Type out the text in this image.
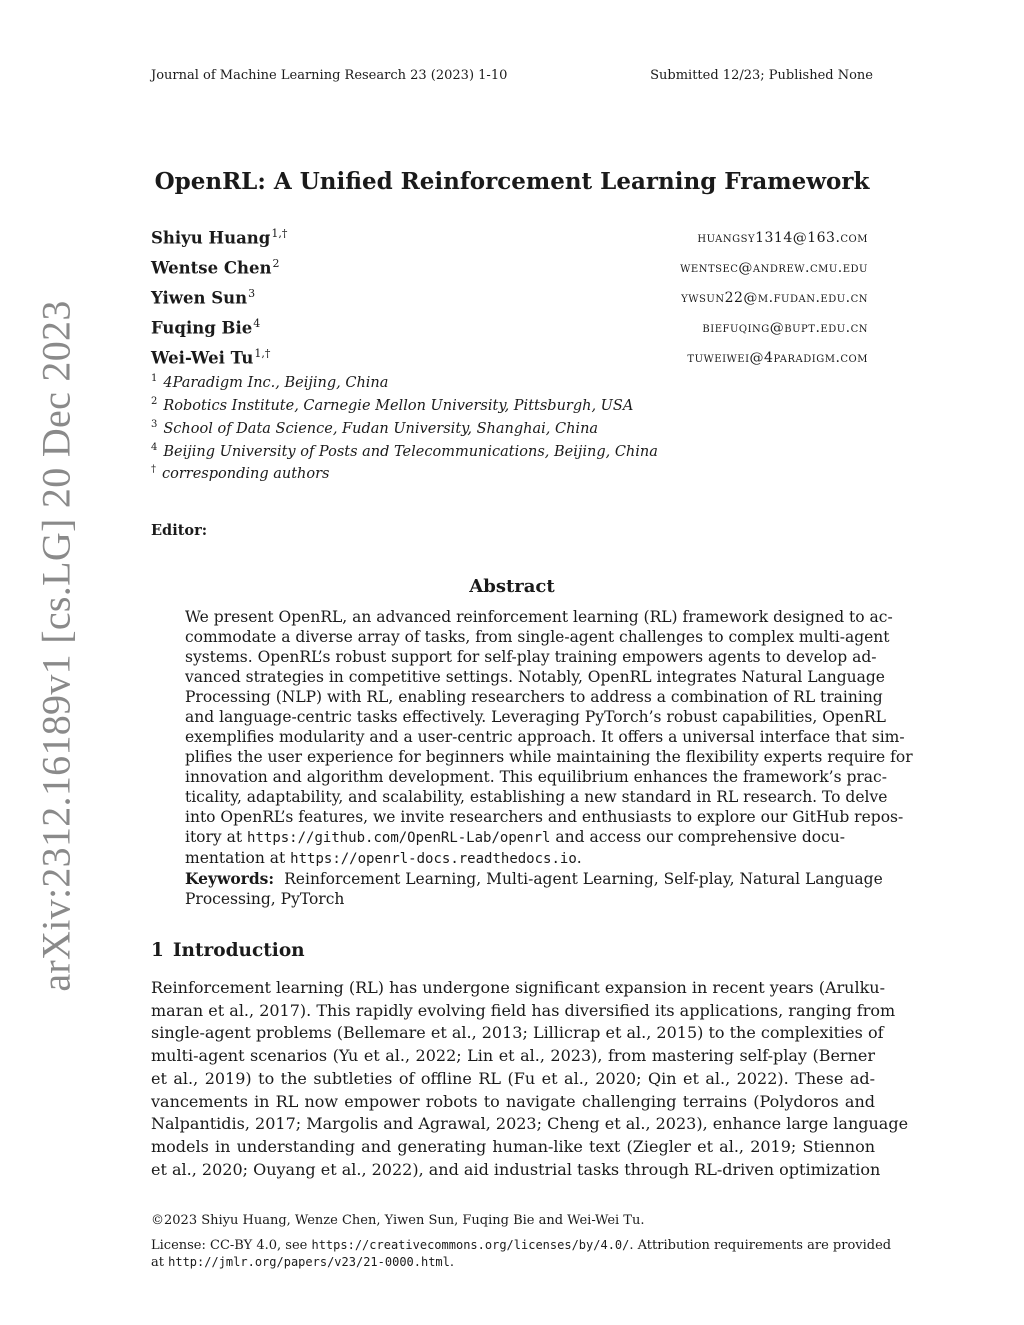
Journal of Machine Learning Research 23 (2023) 1-10	Submitted 12/23; Published None
arXiv:2312.16189v1 [cs.LG] 20 Dec 2023
OpenRL: A Unified Reinforcement Learning Framework
Shiyu Huang$^{1,\dagger}$	huangsy1314@163.com
Wentse Chen$^2$	wentsec@andrew.cmu.edu
Yiwen Sun$^3$	ywsun22@m.fudan.edu.cn
Fuqing Bie$^4$	biefuqing@bupt.edu.cn
Wei-Wei $Tu^{1,\dagger}$	tuweiwei@4paradigm.com
$^1$ 4Paradigm Inc., Beijing, China
$^2$ Robotics Institute, Carnegie Mellon University, Pittsburgh, USA
$^3$ School of Data Science, Fudan University, Shanghai, China
$^4$ Beijing University of Posts and Telecommunications, Beijing, China
† corresponding authors
Editor:
Abstract
We present OpenRL, an advanced reinforcement learning (RL) framework designed to ac-
commodate a diverse array of tasks, from single-agent challenges to complex multi-agent
systems. OpenRL’s robust support for self-play training empowers agents to develop ad-
vanced strategies in competitive settings. Notably, OpenRL integrates Natural Language
Processing (NLP) with RL, enabling researchers to address a combination of RL training
and language-centric tasks effectively. Leveraging PyTorch’s robust capabilities, OpenRL
exemplifies modularity and a user-centric approach. It offers a universal interface that sim-
plifies the user experience for beginners while maintaining the flexibility experts require for
innovation and algorithm development. This equilibrium enhances the framework’s prac-
ticality, adaptability, and scalability, establishing a new standard in RL research. To delve
into OpenRL’s features, we invite researchers and enthusiasts to explore our GitHub repos-
itory at https://github.com/OpenRL-Lab/openrl and access our comprehensive docu-
mentation at https://openrl-docs.readthedocs.io.
Keywords: Reinforcement Learning, Multi-agent Learning, Self-play, Natural Language
Processing, PyTorch
1 Introduction
Reinforcement learning (RL) has undergone significant expansion in recent years (Arulku-
maran et al., 2017). This rapidly evolving field has diversified its applications, ranging from
single-agent problems (Bellemare et al., 2013; Lillicrap et al., 2015) to the complexities of
multi-agent scenarios (Yu et al., 2022; Lin et al., 2023), from mastering self-play (Berner
et al., 2019) to the subtleties of offline RL (Fu et al., 2020; Qin et al., 2022). These ad-
vancements in RL now empower robots to navigate challenging terrains (Polydoros and
Nalpantidis, 2017; Margolis and Agrawal, 2023; Cheng et al., 2023), enhance large language
models in understanding and generating human-like text (Ziegler et al., 2019; Stiennon
et al., 2020; Ouyang et al., 2022), and aid industrial tasks through RL-driven optimization
©2023 Shiyu Huang, Wenze Chen, Yiwen Sun, Fuqing Bie and Wei-Wei Tu.
License: CC-BY 4.0, see https://creativecommons.org/licenses/by/4.0/. Attribution requirements are provided
at http://jmlr.org/papers/v23/21-0000.html.
